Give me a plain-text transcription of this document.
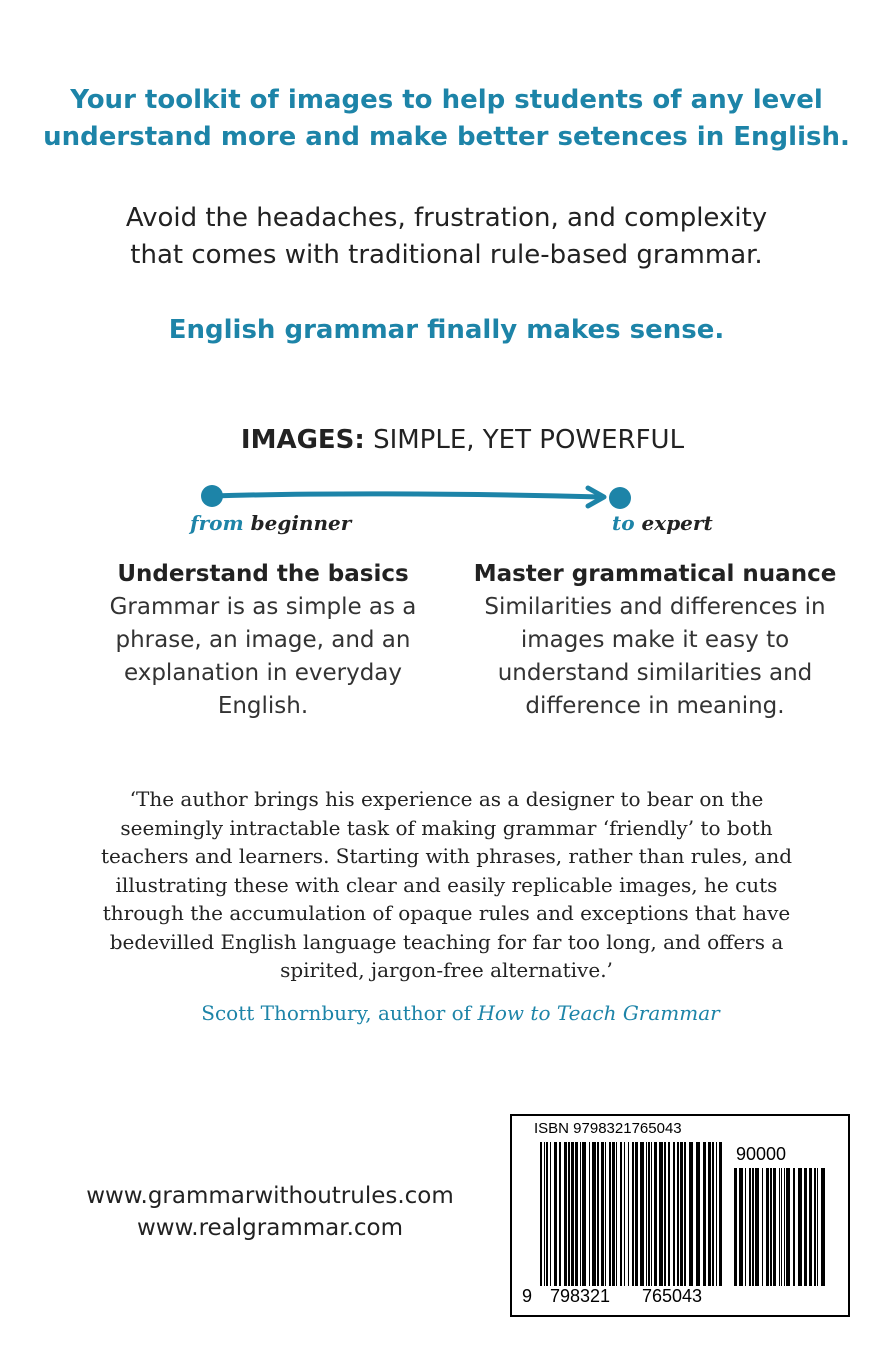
Your toolkit of images to help students of any level
understand more and make better setences in English.
Avoid the headaches, frustration, and complexity
that comes with traditional rule-based grammar.
English grammar finally makes sense.
IMAGES: SIMPLE, YET POWERFUL
from beginner	to expert
Understand the basics
Grammar is as simple as a
phrase, an image, and an
explanation in everyday
English.
Master grammatical nuance
Similarities and differences in
images make it easy to
understand similarities and
difference in meaning.
‘The author brings his experience as a designer to bear on the
seemingly intractable task of making grammar ‘friendly’ to both
teachers and learners. Starting with phrases, rather than rules, and
illustrating these with clear and easily replicable images, he cuts
through the accumulation of opaque rules and exceptions that have
bedevilled English language teaching for far too long, and offers a
spirited, jargon-free alternative.’
Scott Thornbury, author of How to Teach Grammar
www.grammarwithoutrules.com
www.realgrammar.com
ISBN 9798321765043
90000
9 798321 765043
